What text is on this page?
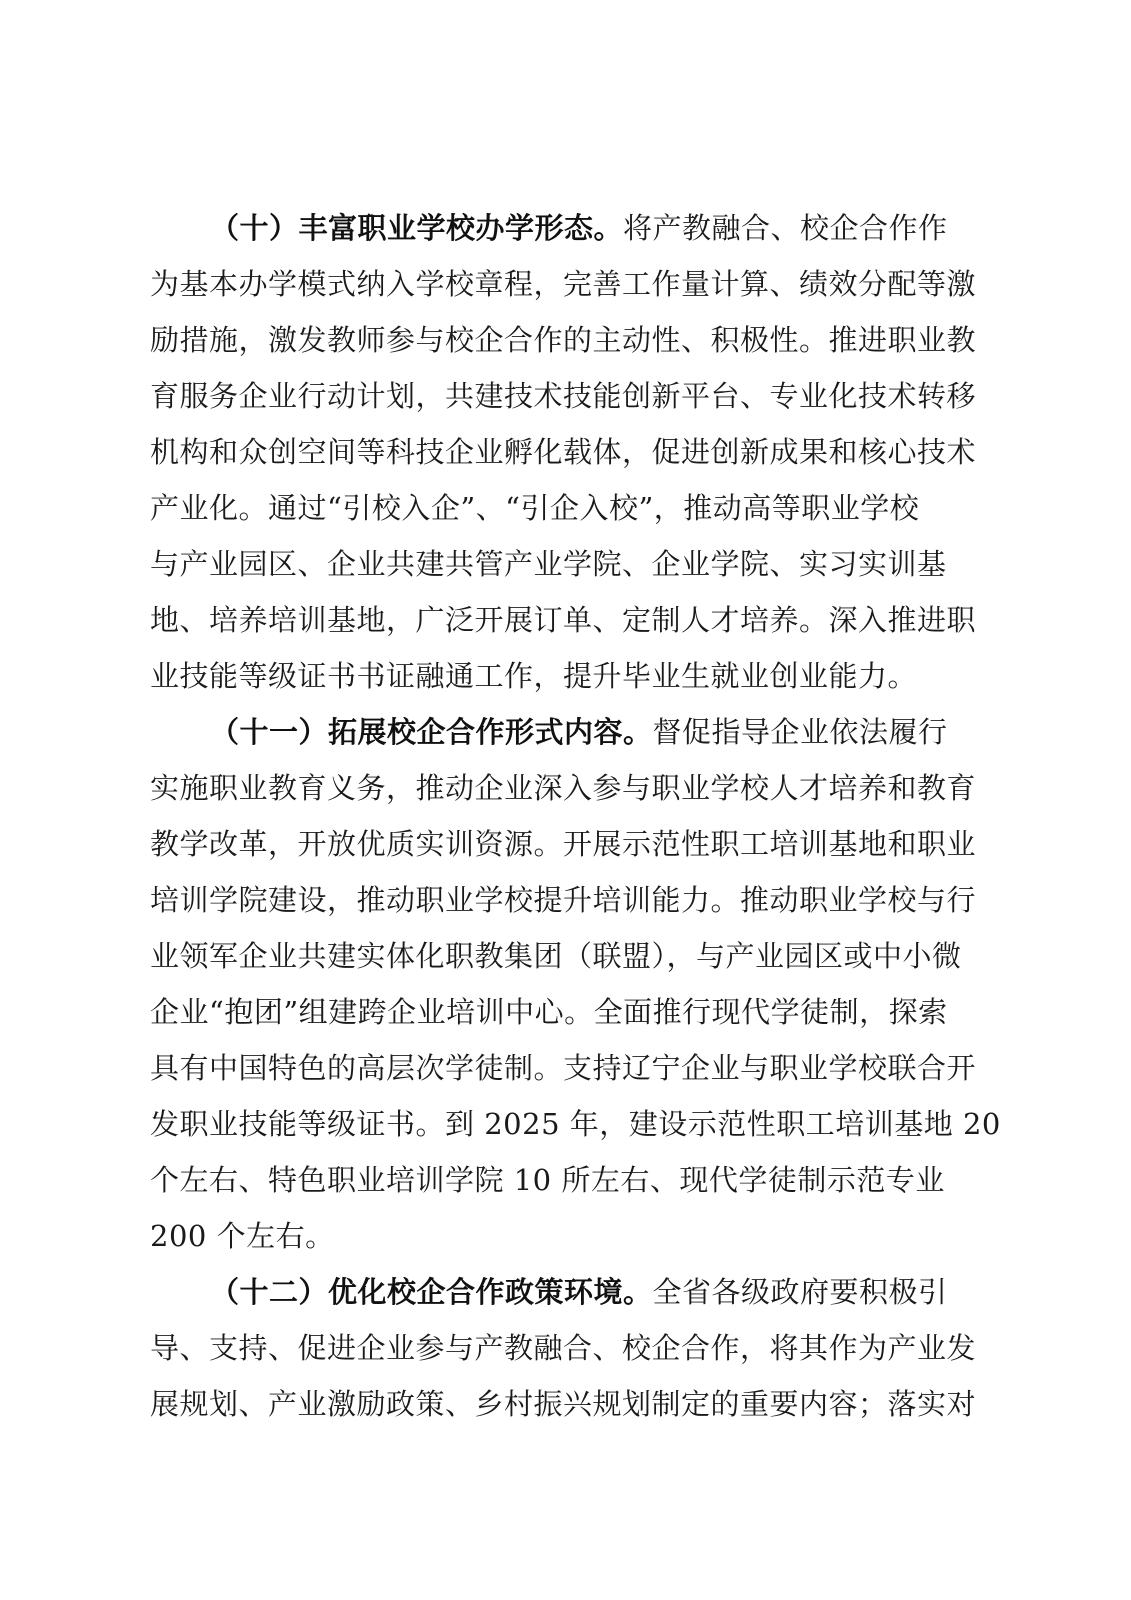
（十）丰富职业学校办学形态。将产教融合、校企合作作
为基本办学模式纳入学校章程，完善工作量计算、绩效分配等激
励措施，激发教师参与校企合作的主动性、积极性。推进职业教
育服务企业行动计划，共建技术技能创新平台、专业化技术转移
机构和众创空间等科技企业孵化载体，促进创新成果和核心技术
产业化。通过“引校入企”、“引企入校”，推动高等职业学校
与产业园区、企业共建共管产业学院、企业学院、实习实训基
地、培养培训基地，广泛开展订单、定制人才培养。深入推进职
业技能等级证书书证融通工作，提升毕业生就业创业能力。
（十一）拓展校企合作形式内容。督促指导企业依法履行
实施职业教育义务，推动企业深入参与职业学校人才培养和教育
教学改革，开放优质实训资源。开展示范性职工培训基地和职业
培训学院建设，推动职业学校提升培训能力。推动职业学校与行
业领军企业共建实体化职教集团（联盟），与产业园区或中小微
企业“抱团”组建跨企业培训中心。全面推行现代学徒制，探索
具有中国特色的高层次学徒制。支持辽宁企业与职业学校联合开
发职业技能等级证书。到 2025 年，建设示范性职工培训基地 20
个左右、特色职业培训学院 10 所左右、现代学徒制示范专业
200 个左右。
（十二）优化校企合作政策环境。全省各级政府要积极引
导、支持、促进企业参与产教融合、校企合作，将其作为产业发
展规划、产业激励政策、乡村振兴规划制定的重要内容；落实对
